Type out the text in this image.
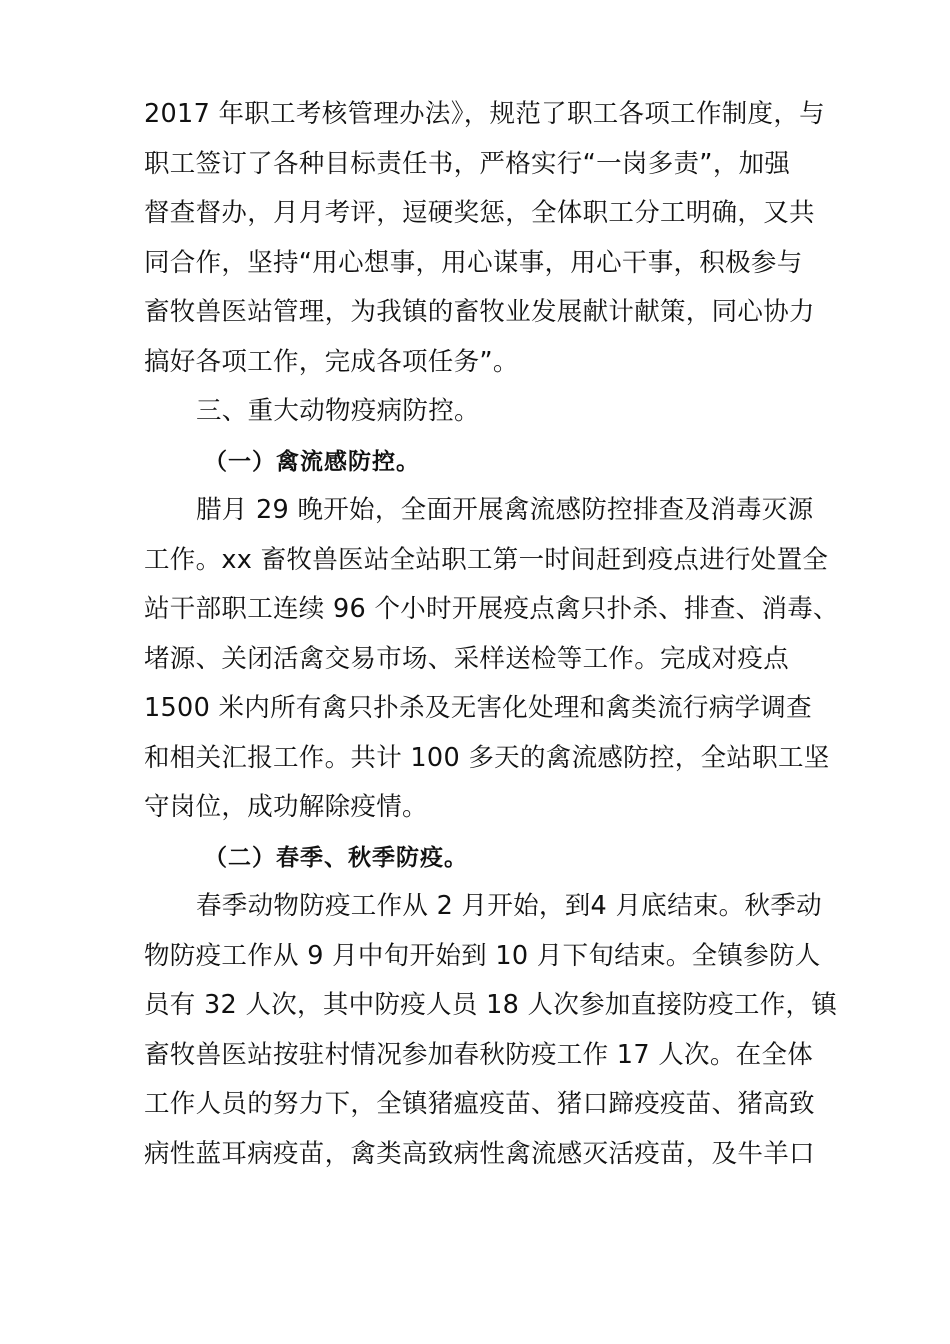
2017 年职工考核管理办法》，规范了职工各项工作制度，与
职工签订了各种目标责任书，严格实行“一岗多责”，加强
督查督办，月月考评，逗硬奖惩，全体职工分工明确，又共
同合作，坚持“用心想事，用心谋事，用心干事，积极参与
畜牧兽医站管理，为我镇的畜牧业发展献计献策，同心协力
搞好各项工作，完成各项任务”。
三、重大动物疫病防控。
（一）禽流感防控。
腊月 29 晚开始，全面开展禽流感防控排查及消毒灭源
工作。xx 畜牧兽医站全站职工第一时间赶到疫点进行处置全
站干部职工连续 96 个小时开展疫点禽只扑杀、排查、消毒、
堵源、关闭活禽交易市场、采样送检等工作。完成对疫点
1500 米内所有禽只扑杀及无害化处理和禽类流行病学调查
和相关汇报工作。共计 100 多天的禽流感防控，全站职工坚
守岗位，成功解除疫情。
（二）春季、秋季防疫。
春季动物防疫工作从 2 月开始，到4 月底结束。秋季动
物防疫工作从 9 月中旬开始到 10 月下旬结束。全镇参防人
员有 32 人次，其中防疫人员 18 人次参加直接防疫工作，镇
畜牧兽医站按驻村情况参加春秋防疫工作 17 人次。在全体
工作人员的努力下，全镇猪瘟疫苗、猪口蹄疫疫苗、猪高致
病性蓝耳病疫苗，禽类高致病性禽流感灭活疫苗，及牛羊口
